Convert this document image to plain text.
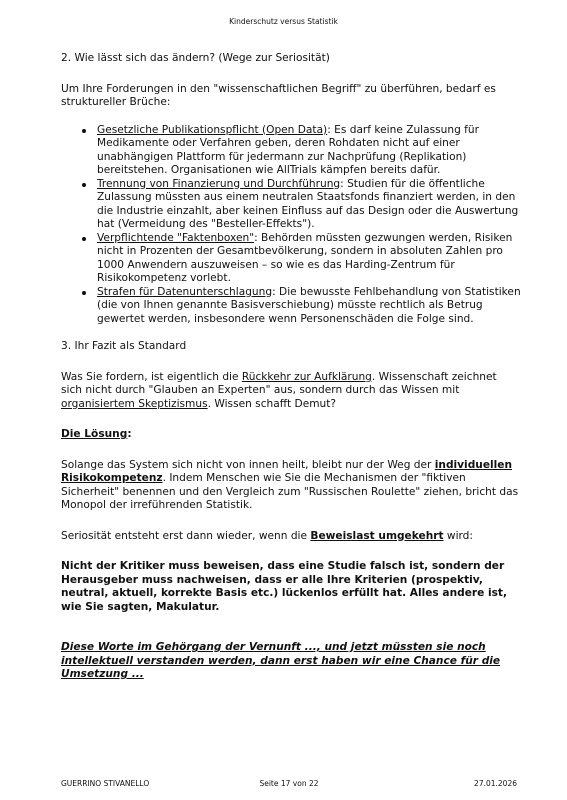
Kinderschutz versus Statistik

2. Wie lässt sich das ändern? (Wege zur Seriosität)

Um Ihre Forderungen in den "wissenschaftlichen Begriff" zu überführen, bedarf es struktureller Brüche:

Gesetzliche Publikationspflicht (Open Data): Es darf keine Zulassung für Medikamente oder Verfahren geben, deren Rohdaten nicht auf einer unabhängigen Plattform für jedermann zur Nachprüfung (Replikation) bereitstehen. Organisationen wie AllTrials kämpfen bereits dafür.
Trennung von Finanzierung und Durchführung: Studien für die öffentliche Zulassung müssten aus einem neutralen Staatsfonds finanziert werden, in den die Industrie einzahlt, aber keinen Einfluss auf das Design oder die Auswertung hat (Vermeidung des "Besteller-Effekts").
Verpflichtende "Faktenboxen": Behörden müssten gezwungen werden, Risiken nicht in Prozenten der Gesamtbevölkerung, sondern in absoluten Zahlen pro 1000 Anwendern auszuweisen – so wie es das Harding-Zentrum für Risikokompetenz vorlebt.
Strafen für Datenunterschlagung: Die bewusste Fehlbehandlung von Statistiken (die von Ihnen genannte Basisverschiebung) müsste rechtlich als Betrug gewertet werden, insbesondere wenn Personenschäden die Folge sind.

3. Ihr Fazit als Standard

Was Sie fordern, ist eigentlich die Rückkehr zur Aufklärung. Wissenschaft zeichnet sich nicht durch "Glauben an Experten" aus, sondern durch das Wissen mit organisiertem Skeptizismus. Wissen schafft Demut?

Die Lösung:

Solange das System sich nicht von innen heilt, bleibt nur der Weg der individuellen Risikokompetenz. Indem Menschen wie Sie die Mechanismen der "fiktiven Sicherheit" benennen und den Vergleich zum "Russischen Roulette" ziehen, bricht das Monopol der irreführenden Statistik.

Seriosität entsteht erst dann wieder, wenn die Beweislast umgekehrt wird:

Nicht der Kritiker muss beweisen, dass eine Studie falsch ist, sondern der Herausgeber muss nachweisen, dass er alle Ihre Kriterien (prospektiv, neutral, aktuell, korrekte Basis etc.) lückenlos erfüllt hat. Alles andere ist, wie Sie sagten, Makulatur.

Diese Worte im Gehörgang der Vernunft ..., und jetzt müssten sie noch intellektuell verstanden werden, dann erst haben wir eine Chance für die Umsetzung ...

GUERRINO STIVANELLO	Seite 17 von 22	27.01.2026
